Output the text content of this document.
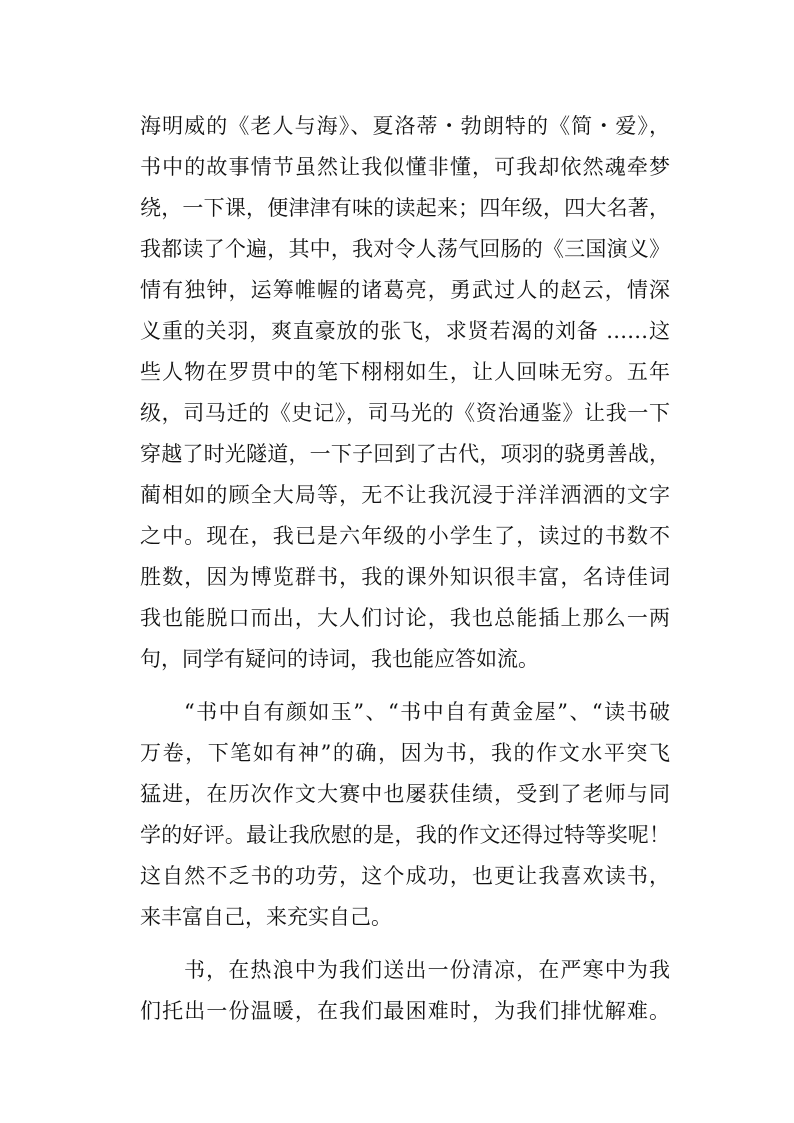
海明威的《老人与海》、夏洛蒂・勃朗特的《简・爱》，
书中的故事情节虽然让我似懂非懂，可我却依然魂牵梦
绕，一下课，便津津有味的读起来；四年级，四大名著，
我都读了个遍，其中，我对令人荡气回肠的《三国演义》
情有独钟，运筹帷幄的诸葛亮，勇武过人的赵云，情深
义重的关羽，爽直豪放的张飞，求贤若渴的刘备 ……这
些人物在罗贯中的笔下栩栩如生，让人回味无穷。五年
级，司马迁的《史记》，司马光的《资治通鉴》让我一下
穿越了时光隧道，一下子回到了古代，项羽的骁勇善战，
蔺相如的顾全大局等，无不让我沉浸于洋洋洒洒的文字
之中。现在，我已是六年级的小学生了，读过的书数不
胜数，因为博览群书，我的课外知识很丰富，名诗佳词
我也能脱口而出，大人们讨论，我也总能插上那么一两
句，同学有疑问的诗词，我也能应答如流。
“书中自有颜如玉”、“书中自有黄金屋”、“读书破
万卷，下笔如有神”的确，因为书，我的作文水平突飞
猛进，在历次作文大赛中也屡获佳绩，受到了老师与同
学的好评。最让我欣慰的是，我的作文还得过特等奖呢！
这自然不乏书的功劳，这个成功，也更让我喜欢读书，
来丰富自己，来充实自己。
书，在热浪中为我们送出一份清凉，在严寒中为我
们托出一份温暖，在我们最困难时，为我们排忧解难。
